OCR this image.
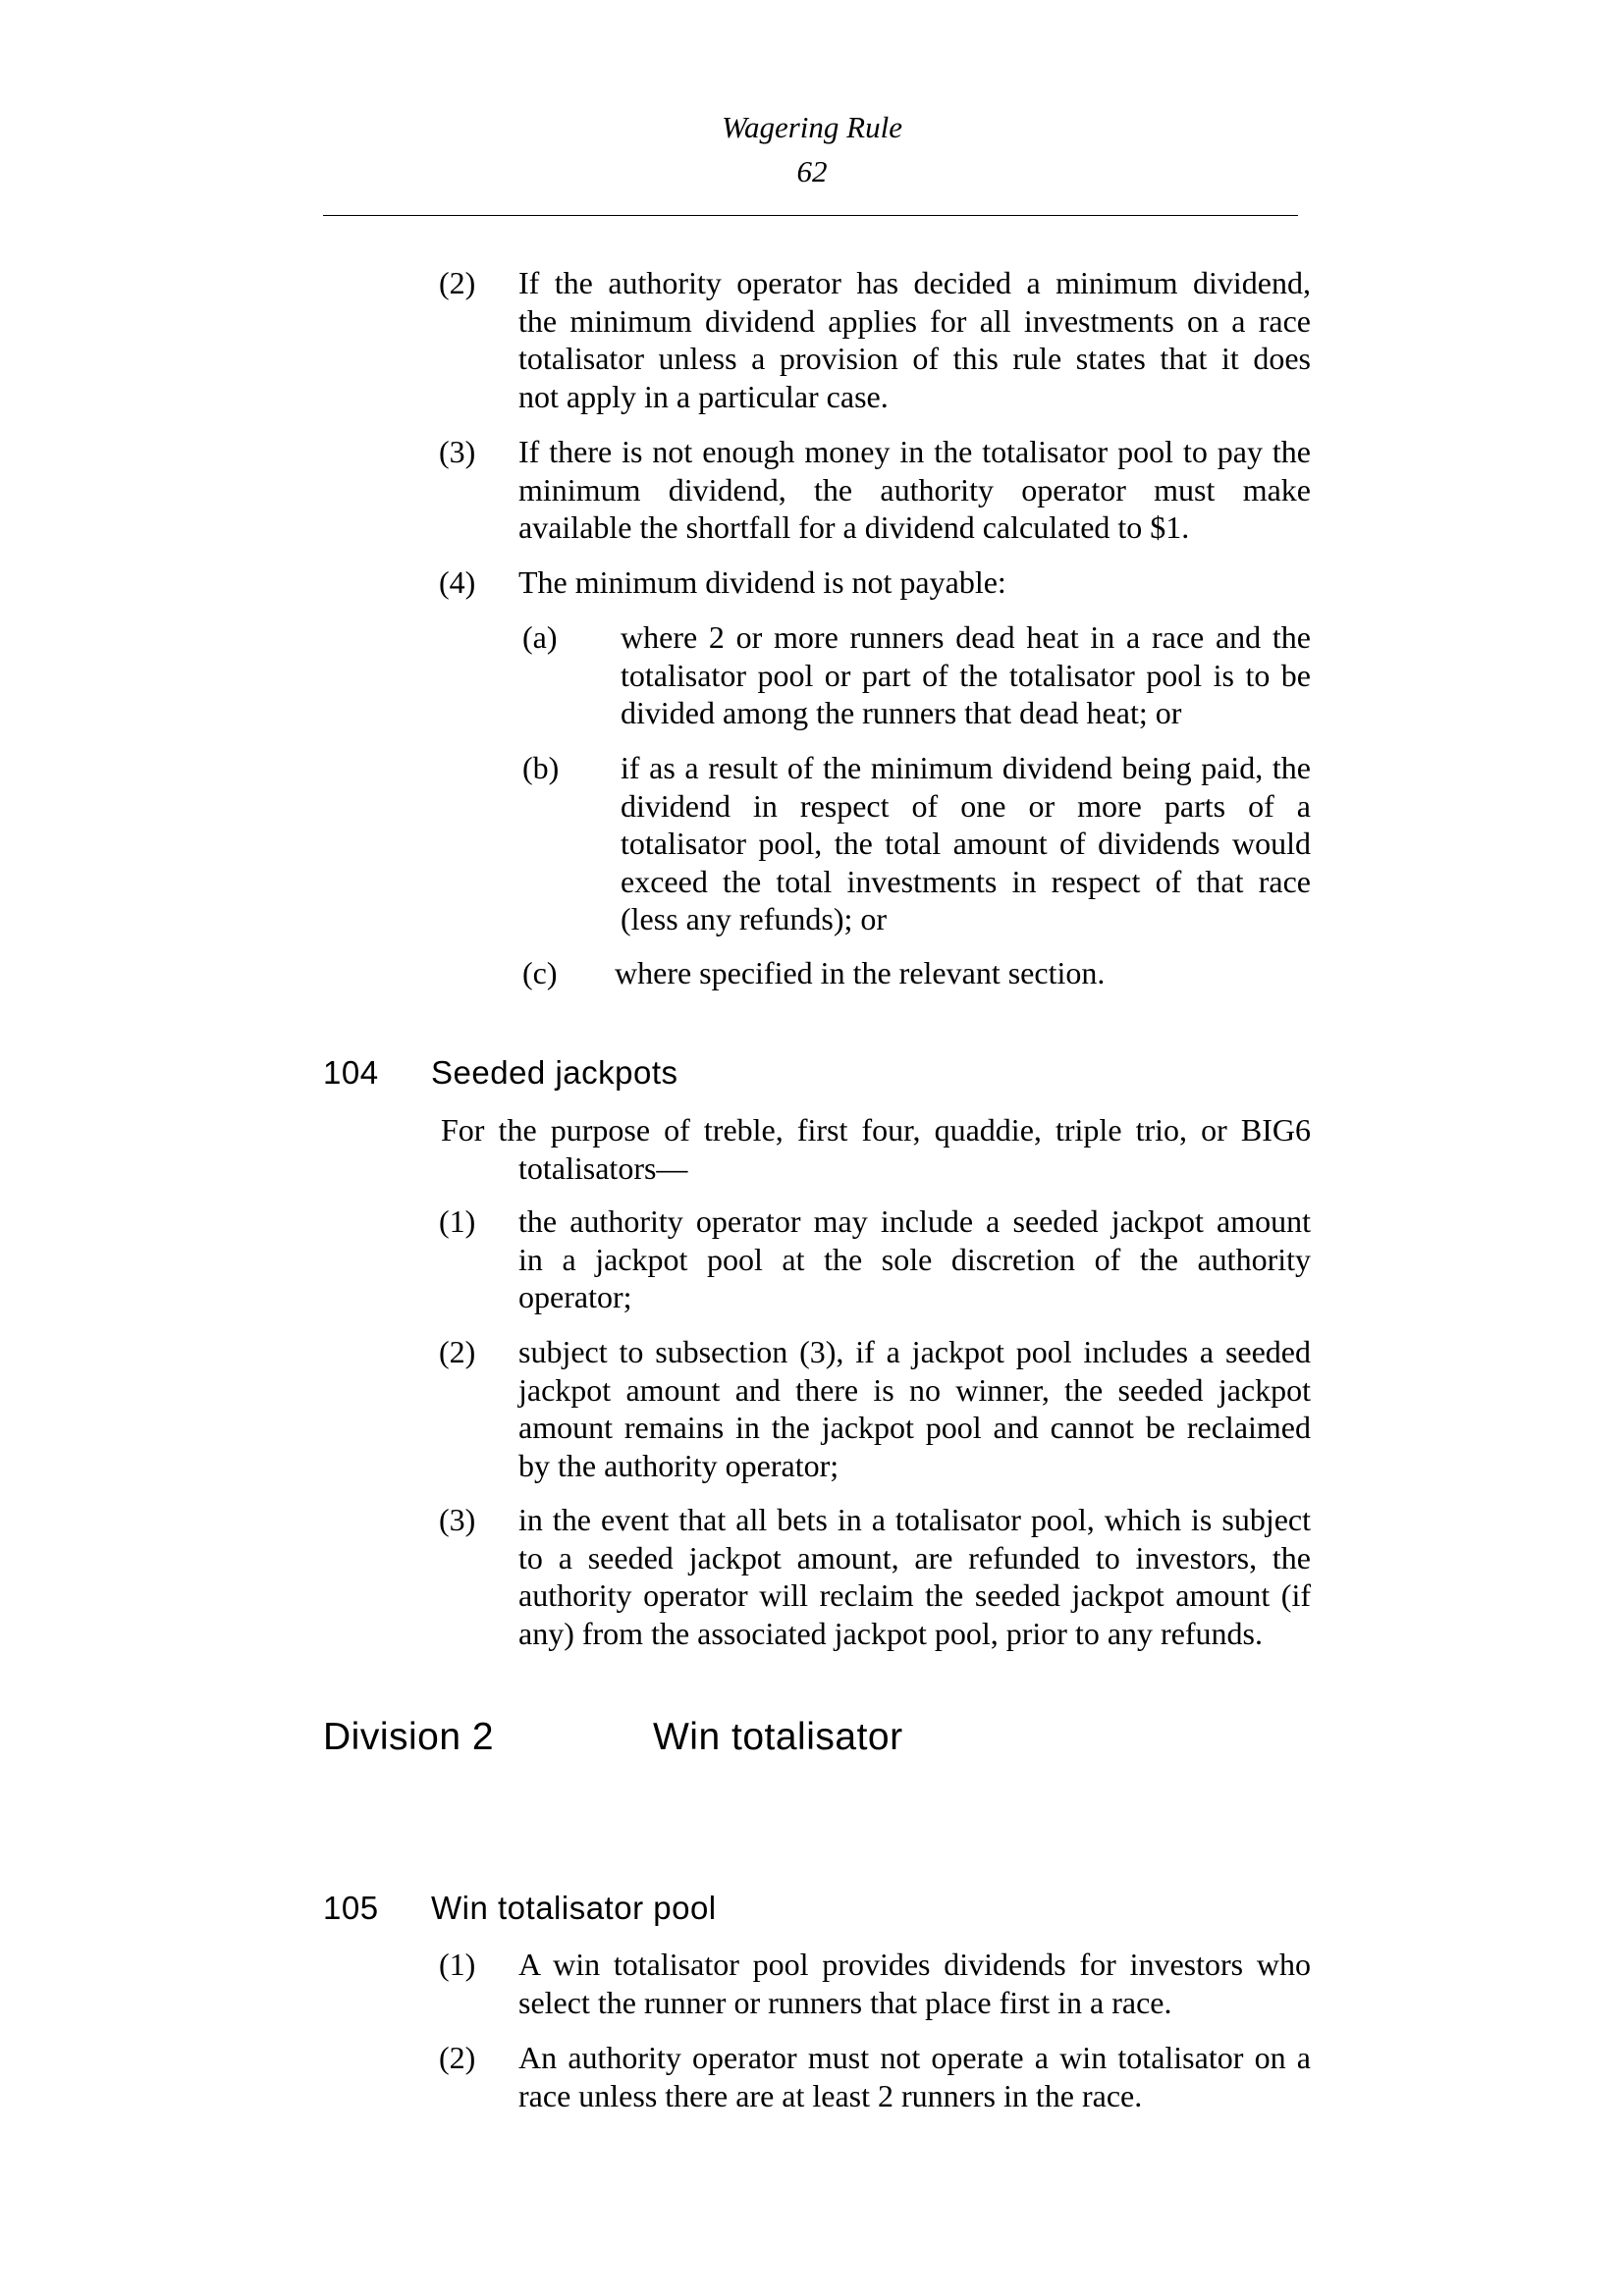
Wagering Rule
62
(2) If the authority operator has decided a minimum dividend,
the minimum dividend applies for all investments on a race
totalisator unless a provision of this rule states that it does
not apply in a particular case.
(3) If there is not enough money in the totalisator pool to pay the
minimum dividend, the authority operator must make
available the shortfall for a dividend calculated to $1.
(4) The minimum dividend is not payable:
(a) where 2 or more runners dead heat in a race and the
totalisator pool or part of the totalisator pool is to be
divided among the runners that dead heat; or
(b) if as a result of the minimum dividend being paid, the
dividend in respect of one or more parts of a
totalisator pool, the total amount of dividends would
exceed the total investments in respect of that race
(less any refunds); or
(c) where specified in the relevant section.
104 Seeded jackpots
For the purpose of treble, first four, quaddie, triple trio, or BIG6
totalisators—
(1) the authority operator may include a seeded jackpot amount
in a jackpot pool at the sole discretion of the authority
operator;
(2) subject to subsection (3), if a jackpot pool includes a seeded
jackpot amount and there is no winner, the seeded jackpot
amount remains in the jackpot pool and cannot be reclaimed
by the authority operator;
(3) in the event that all bets in a totalisator pool, which is subject
to a seeded jackpot amount, are refunded to investors, the
authority operator will reclaim the seeded jackpot amount (if
any) from the associated jackpot pool, prior to any refunds.
Division 2	Win totalisator
105 Win totalisator pool
(1) A win totalisator pool provides dividends for investors who
select the runner or runners that place first in a race.
(2) An authority operator must not operate a win totalisator on a
race unless there are at least 2 runners in the race.
